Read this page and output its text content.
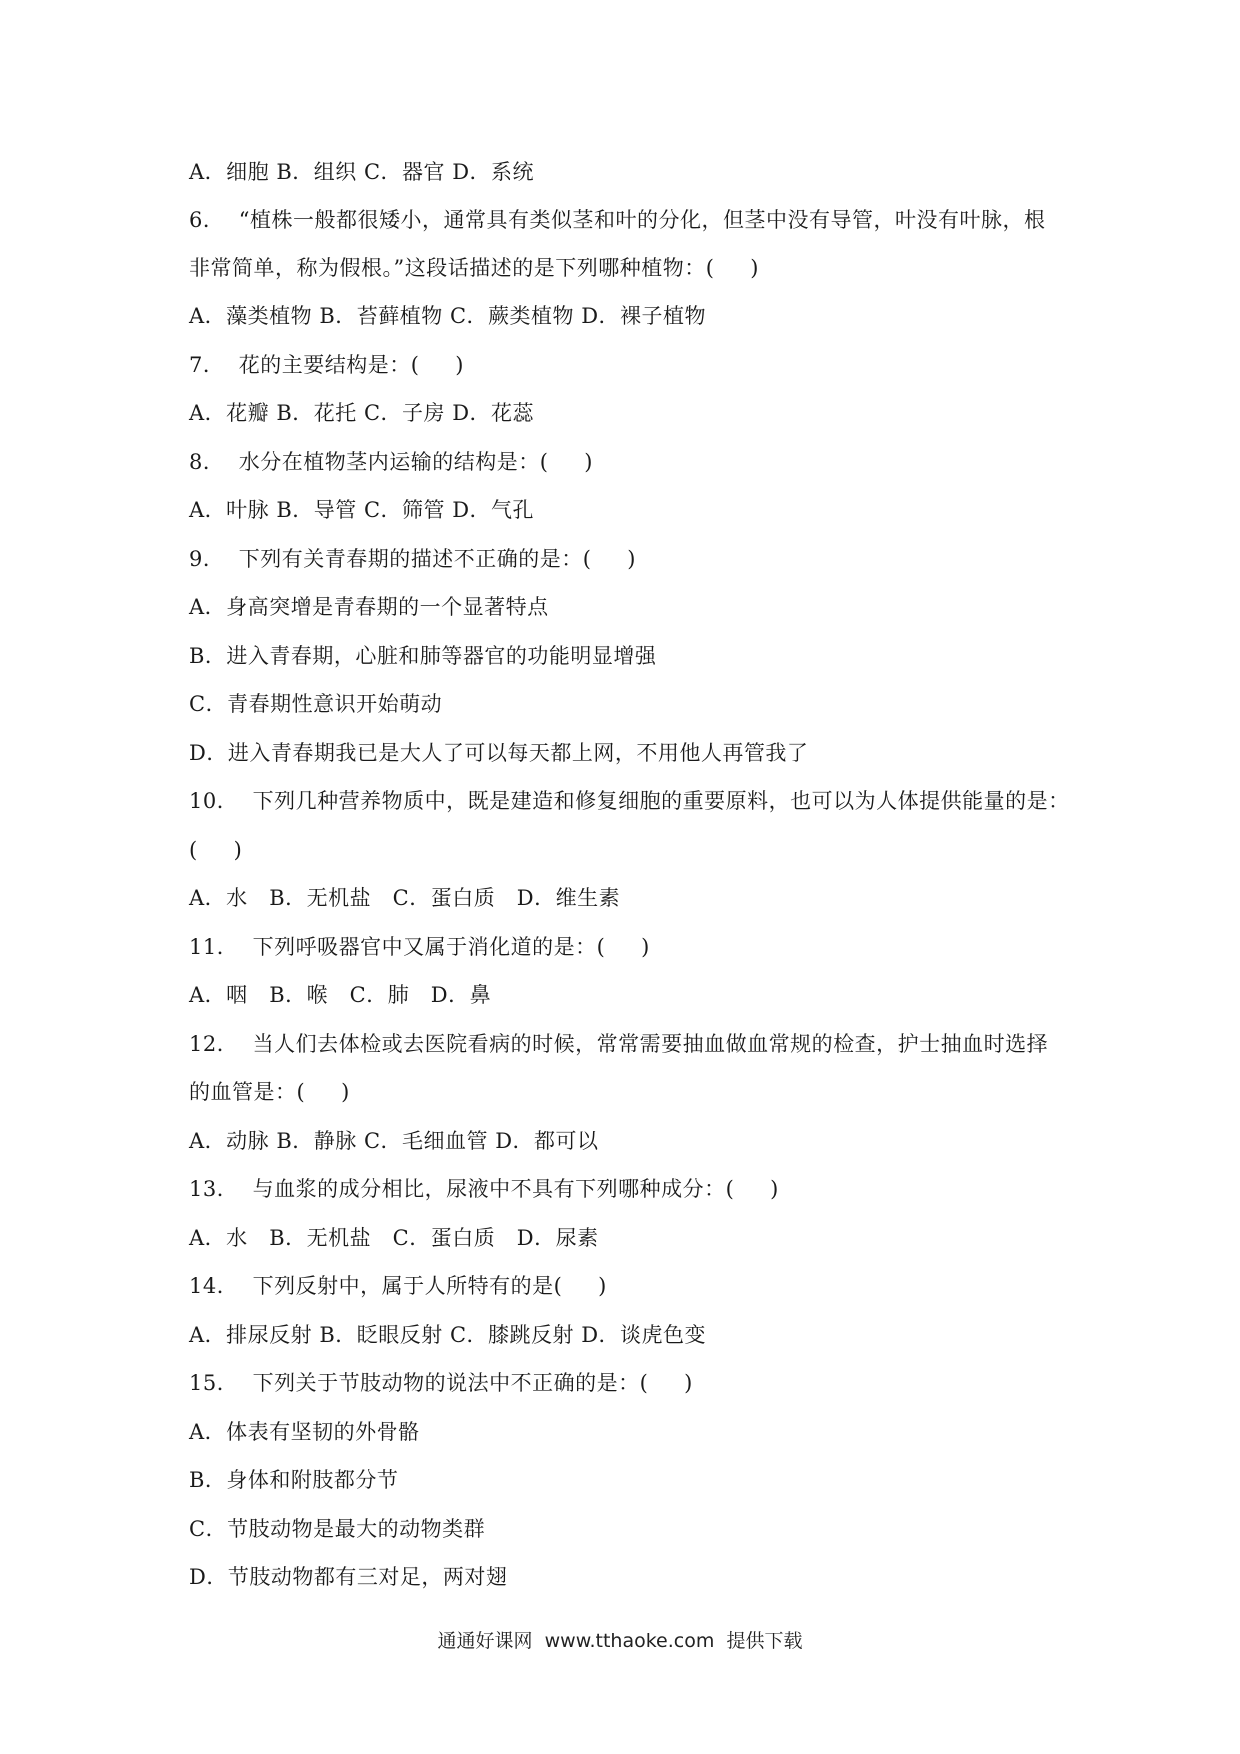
A．细胞 B．组织 C．器官 D．系统
6．  “植株一般都很矮小，通常具有类似茎和叶的分化，但茎中没有导管，叶没有叶脉，根
非常简单，称为假根。”这段话描述的是下列哪种植物：(     )
A．藻类植物 B．苔藓植物 C．蕨类植物 D．裸子植物
7．  花的主要结构是：(     )
A．花瓣 B．花托 C．子房 D．花蕊
8．  水分在植物茎内运输的结构是：(     )
A．叶脉 B．导管 C．筛管 D．气孔
9．  下列有关青春期的描述不正确的是：(     )
A．身高突增是青春期的一个显著特点
B．进入青春期，心脏和肺等器官的功能明显增强
C．青春期性意识开始萌动
D．进入青春期我已是大人了可以每天都上网，不用他人再管我了
10．  下列几种营养物质中，既是建造和修复细胞的重要原料，也可以为人体提供能量的是：
(     )
A．水   B．无机盐   C．蛋白质   D．维生素
11．  下列呼吸器官中又属于消化道的是：(     )
A．咽   B．喉   C．肺   D．鼻
12．  当人们去体检或去医院看病的时候，常常需要抽血做血常规的检查，护士抽血时选择
的血管是：(     )
A．动脉 B．静脉 C．毛细血管 D．都可以
13．  与血浆的成分相比，尿液中不具有下列哪种成分：(     )
A．水   B．无机盐   C．蛋白质   D．尿素
14．  下列反射中，属于人所特有的是(     )
A．排尿反射 B．眨眼反射 C．膝跳反射 D．谈虎色变
15．  下列关于节肢动物的说法中不正确的是：(     )
A．体表有坚韧的外骨骼
B．身体和附肢都分节
C．节肢动物是最大的动物类群
D．节肢动物都有三对足，两对翅
通通好课网  www.tthaoke.com  提供下载
